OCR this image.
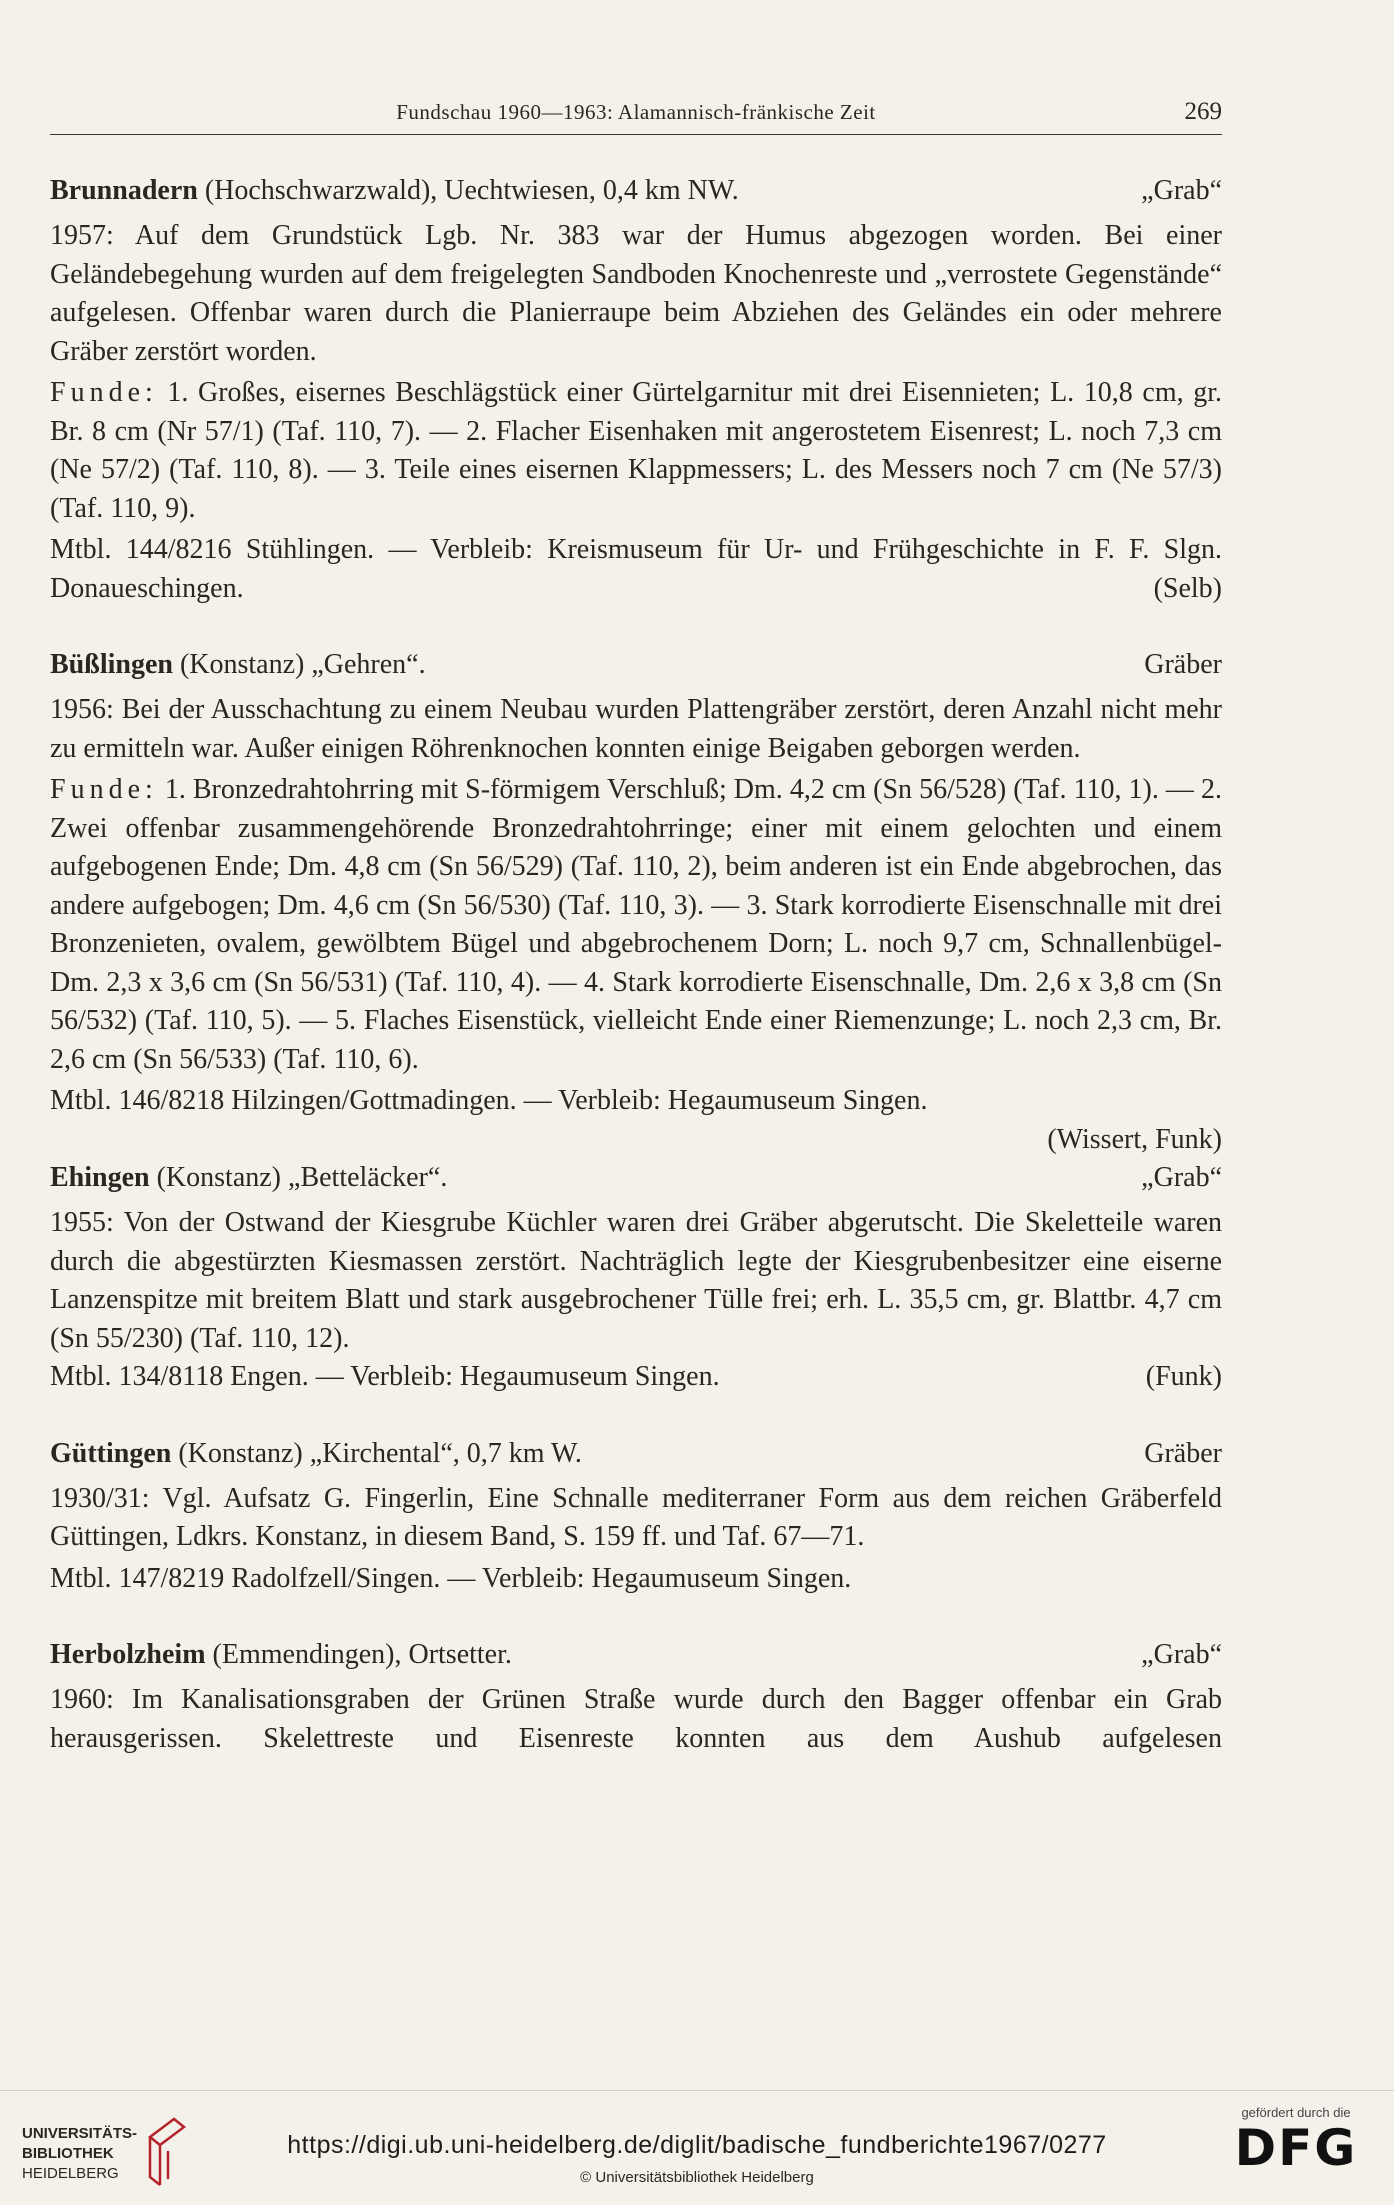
Fundschau 1960—1963: Alamannisch-fränkische Zeit	269
Brunnadern (Hochschwarzwald), Uechtwiesen, 0,4 km NW.	„Grab“

1957: Auf dem Grundstück Lgb. Nr. 383 war der Humus abgezogen worden. Bei einer Geländebegehung wurden auf dem freigelegten Sandboden Knochenreste und „verrostete Gegenstände“ aufgelesen. Offenbar waren durch die Planierraupe beim Abziehen des Geländes ein oder mehrere Gräber zerstört worden.

Funde: 1. Großes, eisernes Beschlägstück einer Gürtelgarnitur mit drei Eisennieten; L. 10,8 cm, gr. Br. 8 cm (Nr 57/1) (Taf. 110, 7). — 2. Flacher Eisenhaken mit angerostetem Eisenrest; L. noch 7,3 cm (Ne 57/2) (Taf. 110, 8). — 3. Teile eines eisernen Klappmessers; L. des Messers noch 7 cm (Ne 57/3) (Taf. 110, 9).

Mtbl. 144/8216 Stühlingen. — Verbleib: Kreismuseum für Ur- und Frühgeschichte in F. F. Slgn. Donaueschingen.	(Selb)

Büßlingen (Konstanz) „Gehren“.	Gräber

1956: Bei der Ausschachtung zu einem Neubau wurden Plattengräber zerstört, deren Anzahl nicht mehr zu ermitteln war. Außer einigen Röhrenknochen konnten einige Beigaben geborgen werden.

Funde: 1. Bronzedrahtohrring mit S-förmigem Verschluß; Dm. 4,2 cm (Sn 56/528) (Taf. 110, 1). — 2. Zwei offenbar zusammengehörende Bronzedrahtohrringe; einer mit einem gelochten und einem aufgebogenen Ende; Dm. 4,8 cm (Sn 56/529) (Taf. 110, 2), beim anderen ist ein Ende abgebrochen, das andere aufgebogen; Dm. 4,6 cm (Sn 56/530) (Taf. 110, 3). — 3. Stark korrodierte Eisenschnalle mit drei Bronzenieten, ovalem, gewölbtem Bügel und abgebrochenem Dorn; L. noch 9,7 cm, Schnallenbügel-Dm. 2,3 x 3,6 cm (Sn 56/531) (Taf. 110, 4). — 4. Stark korrodierte Eisenschnalle, Dm. 2,6 x 3,8 cm (Sn 56/532) (Taf. 110, 5). — 5. Flaches Eisenstück, vielleicht Ende einer Riemenzunge; L. noch 2,3 cm, Br. 2,6 cm (Sn 56/533) (Taf. 110, 6).

Mtbl. 146/8218 Hilzingen/Gottmadingen. — Verbleib: Hegaumuseum Singen.

(Wissert, Funk)

Ehingen (Konstanz) „Betteläcker“.	„Grab“

1955: Von der Ostwand der Kiesgrube Küchler waren drei Gräber abgerutscht. Die Skeletteile waren durch die abgestürzten Kiesmassen zerstört. Nachträglich legte der Kiesgrubenbesitzer eine eiserne Lanzenspitze mit breitem Blatt und stark ausgebrochener Tülle frei; erh. L. 35,5 cm, gr. Blattbr. 4,7 cm (Sn 55/230) (Taf. 110, 12).

Mtbl. 134/8118 Engen. — Verbleib: Hegaumuseum Singen.	(Funk)
Güttingen (Konstanz) „Kirchental“, 0,7 km W.	Gräber

1930/31: Vgl. Aufsatz G. Fingerlin, Eine Schnalle mediterraner Form aus dem reichen Gräberfeld Güttingen, Ldkrs. Konstanz, in diesem Band, S. 159 ff. und Taf. 67—71.

Mtbl. 147/8219 Radolfzell/Singen. — Verbleib: Hegaumuseum Singen.

Herbolzheim (Emmendingen), Ortsetter.	„Grab“

1960: Im Kanalisationsgraben der Grünen Straße wurde durch den Bagger offenbar ein Grab herausgerissen. Skelettreste und Eisenreste konnten aus dem Aushub aufgelesen

UNIVERSITÄTS-
BIBLIOTHEK
HEIDELBERG
https://digi.ub.uni-heidelberg.de/diglit/badische_fundberichte1967/0277
© Universitätsbibliothek Heidelberg
gefördert durch die
DFG
